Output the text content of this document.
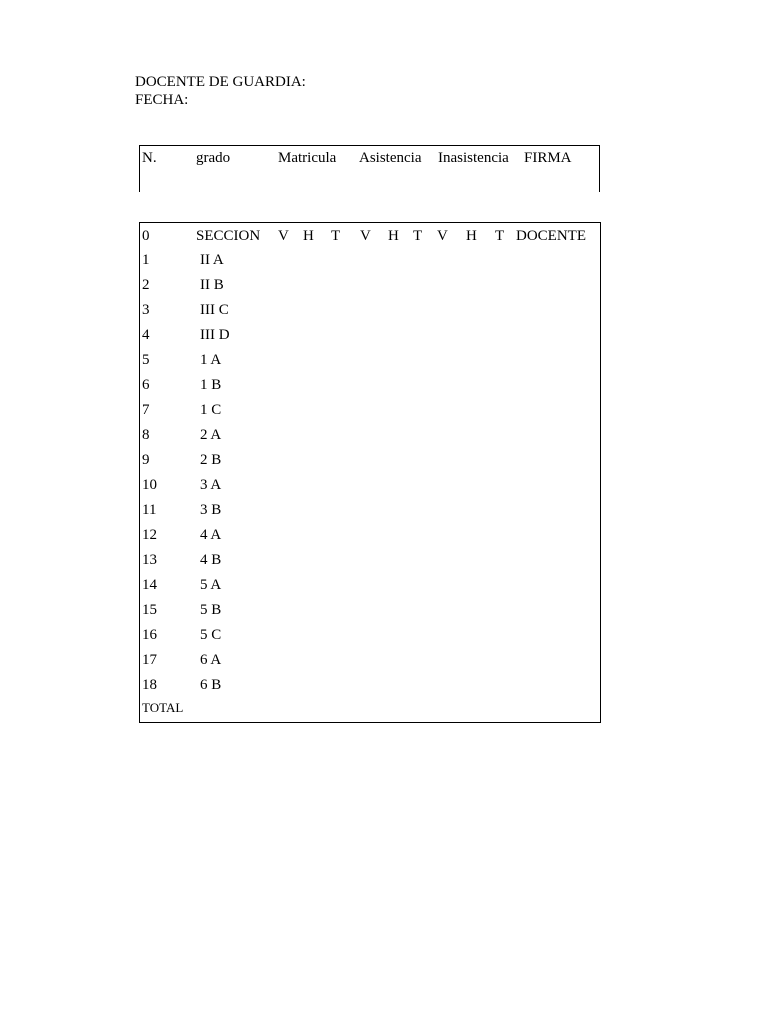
DOCENTE DE GUARDIA:
FECHA:
N.	grado	Matricula Asistencia Inasistencia FIRMA
0	SECCION V H T V H T V H T DOCENTE
1	II A
2	II B
3	III C
4	III D
5	1 A
6	1 B
7	1 C
8	2 A
9	2 B
10	3 A
11	3 B
12	4 A
13	4 B
14	5 A
15	5 B
16	5 C
17	6 A
18	6 B
TOTAL
